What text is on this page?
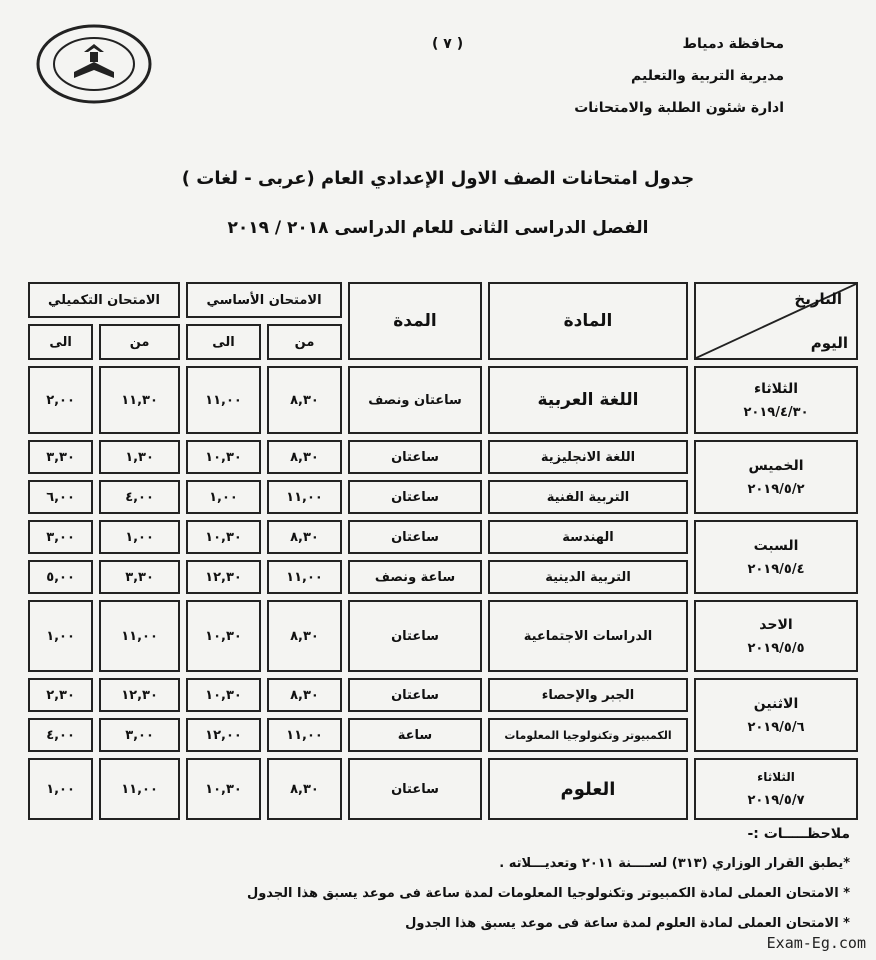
محافظة دمياط
مديرية التربية والتعليم
ادارة شئون الطلبة والامتحانات
( ٧ )
جدول امتحانات الصف الاول الإعدادي العام (عربى - لغات )
الفصل الدراسى الثانى للعام الدراسى ٢٠١٨ / ٢٠١٩
التاريخ
اليوم	المادة	المدة	الامتحان الأساسي		الامتحان التكميلي	
			من	الى	من	الى
الثلاثاء
٢٠١٩/٤/٣٠	اللغة العربية	ساعتان ونصف	٨,٣٠	١١,٠٠	١١,٣٠	٢,٠٠
الخميس
٢٠١٩/٥/٢	اللغة الانجليزية	ساعتان	٨,٣٠	١٠,٣٠	١,٣٠	٣,٣٠
	التربية الفنية	ساعتان	١١,٠٠	١,٠٠	٤,٠٠	٦,٠٠
السبت
٢٠١٩/٥/٤	الهندسة	ساعتان	٨,٣٠	١٠,٣٠	١,٠٠	٣,٠٠
	التربية الدينية	ساعة ونصف	١١,٠٠	١٢,٣٠	٣,٣٠	٥,٠٠
الاحد
٢٠١٩/٥/٥	الدراسات الاجتماعية	ساعتان	٨,٣٠	١٠,٣٠	١١,٠٠	١,٠٠
الاثنين
٢٠١٩/٥/٦	الجبر والإحصاء	ساعتان	٨,٣٠	١٠,٣٠	١٢,٣٠	٢,٣٠
	الكمبيوتر وتكنولوجيا المعلومات	ساعة	١١,٠٠	١٢,٠٠	٣,٠٠	٤,٠٠
الثلاثاء
٢٠١٩/٥/٧	العلوم	ساعتان	٨,٣٠	١٠,٣٠	١١,٠٠	١,٠٠
ملاحظـــــات :-
*يطبق القرار الوزاري (٣١٣) لســــنة ٢٠١١ وتعديـــلاته .
* الامتحان العملى لمادة الكمبيوتر وتكنولوجيا المعلومات لمدة ساعة فى موعد يسبق هذا الجدول
* الامتحان العملى لمادة العلوم لمدة ساعة فى موعد يسبق هذا الجدول
Exam-Eg.com
